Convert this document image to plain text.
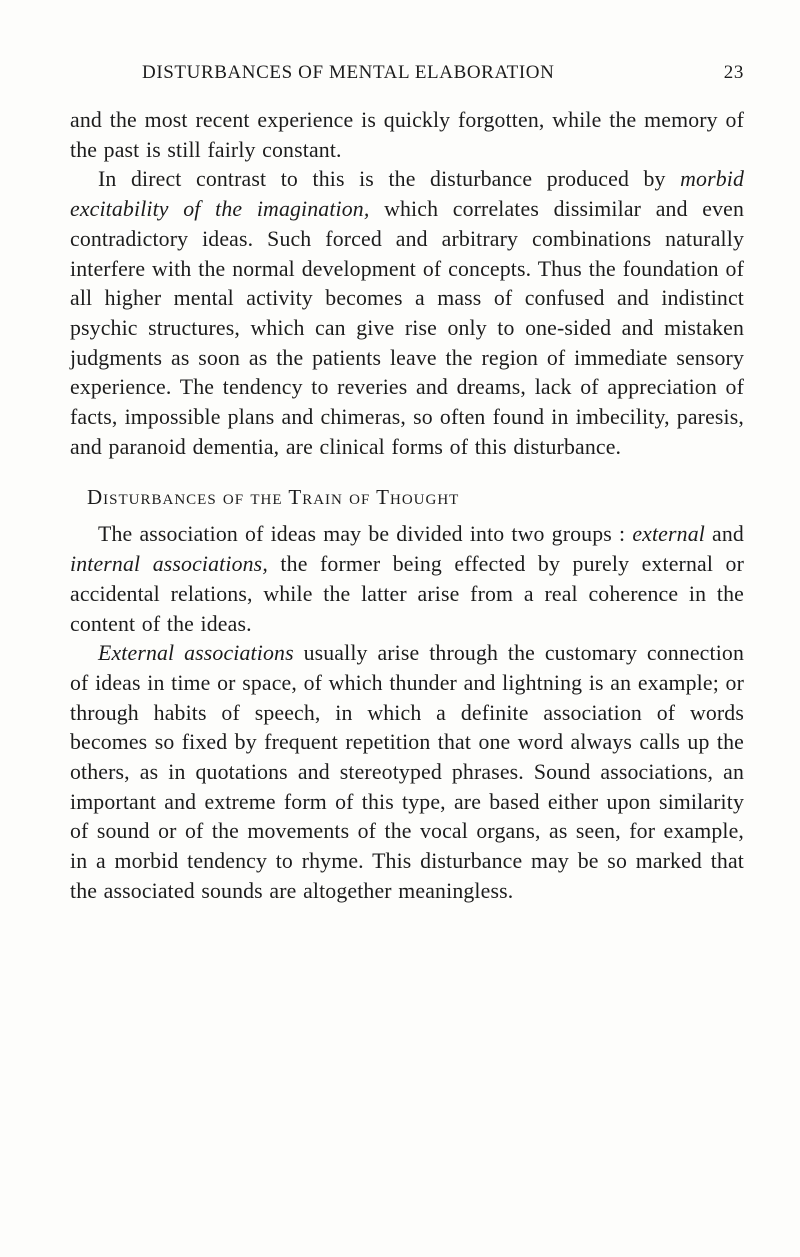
DISTURBANCES OF MENTAL ELABORATION	23

and the most recent experience is quickly forgotten, while the memory of the past is still fairly constant.

In direct contrast to this is the disturbance produced by morbid excitability of the imagination, which correlates dissimilar and even contradictory ideas. Such forced and arbitrary combinations naturally interfere with the normal development of concepts. Thus the foundation of all higher mental activity becomes a mass of confused and indistinct psychic structures, which can give rise only to one-sided and mistaken judgments as soon as the patients leave the region of immediate sensory experience. The tendency to reveries and dreams, lack of appreciation of facts, impossible plans and chimeras, so often found in imbecility, paresis, and paranoid dementia, are clinical forms of this disturbance.

Disturbances of the Train of Thought

The association of ideas may be divided into two groups : external and internal associations, the former being effected by purely external or accidental relations, while the latter arise from a real coherence in the content of the ideas.

External associations usually arise through the customary connection of ideas in time or space, of which thunder and lightning is an example; or through habits of speech, in which a definite association of words becomes so fixed by frequent repetition that one word always calls up the others, as in quotations and stereotyped phrases. Sound associations, an important and extreme form of this type, are based either upon similarity of sound or of the movements of the vocal organs, as seen, for example, in a morbid tendency to rhyme. This disturbance may be so marked that the associated sounds are altogether meaningless.
